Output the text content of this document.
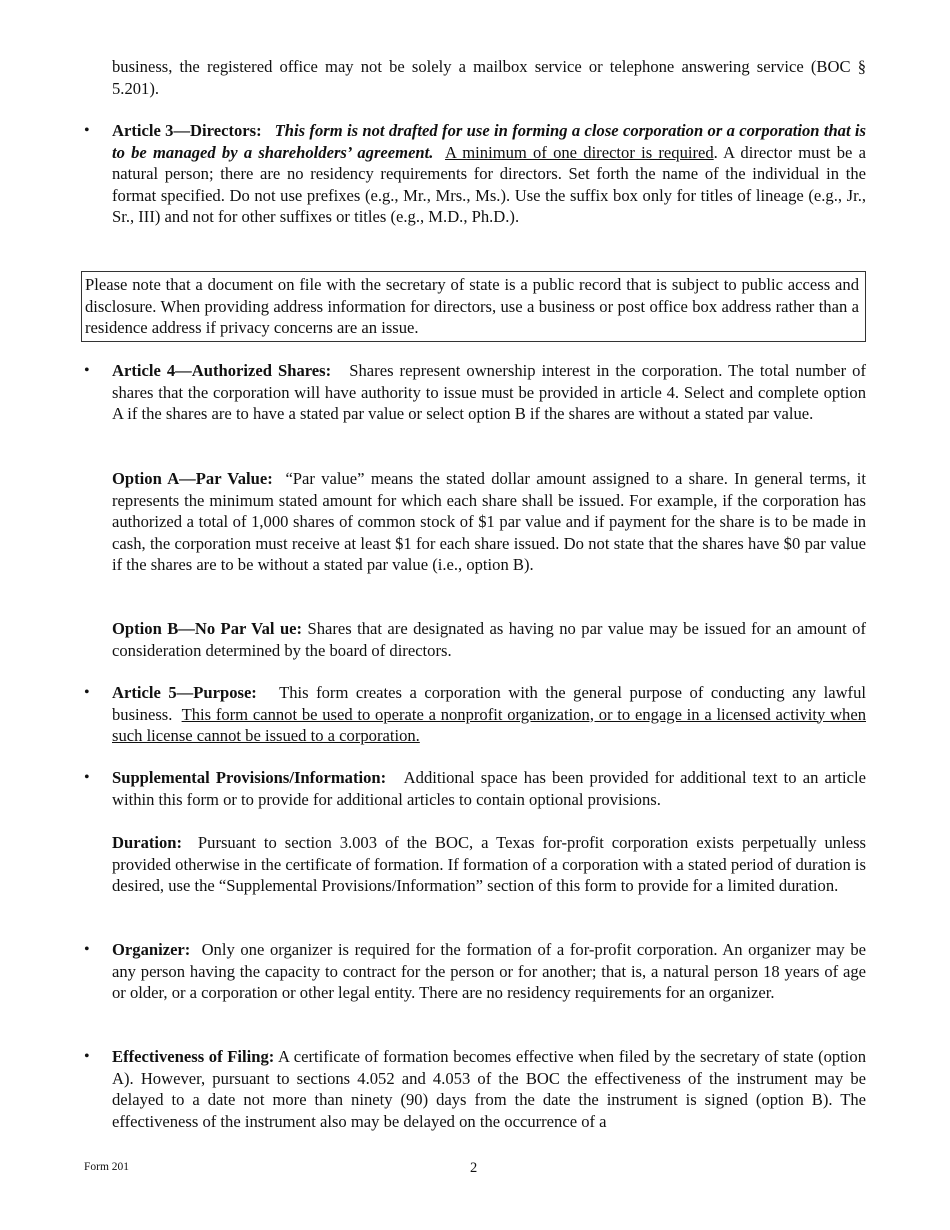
business, the registered office may not be solely a mailbox service or telephone answering service (BOC § 5.201).

• Article 3—Directors: This form is not drafted for use in forming a close corporation or a corporation that is to be managed by a shareholders’ agreement. A minimum of one director is required. A director must be a natural person; there are no residency requirements for directors. Set forth the name of the individual in the format specified. Do not use prefixes (e.g., Mr., Mrs., Ms.). Use the suffix box only for titles of lineage (e.g., Jr., Sr., III) and not for other suffixes or titles (e.g., M.D., Ph.D.).

Please note that a document on file with the secretary of state is a public record that is subject to public access and disclosure. When providing address information for directors, use a business or post office box address rather than a residence address if privacy concerns are an issue.
• Article 4—Authorized Shares: Shares represent ownership interest in the corporation. The total number of shares that the corporation will have authority to issue must be provided in article 4. Select and complete option A if the shares are to have a stated par value or select option B if the shares are without a stated par value.

Option A—Par Value: “Par value” means the stated dollar amount assigned to a share. In general terms, it represents the minimum stated amount for which each share shall be issued. For example, if the corporation has authorized a total of 1,000 shares of common stock of $1 par value and if payment for the share is to be made in cash, the corporation must receive at least $1 for each share issued. Do not state that the shares have $0 par value if the shares are to be without a stated par value (i.e., option B).

Option B—No Par Val ue: Shares that are designated as having no par value may be issued for an amount of consideration determined by the board of directors.

• Article 5—Purpose: This form creates a corporation with the general purpose of conducting any lawful business. This form cannot be used to operate a nonprofit organization, or to engage in a licensed activity when such license cannot be issued to a corporation.

• Supplemental Provisions/Information: Additional space has been provided for additional text to an article within this form or to provide for additional articles to contain optional provisions.

Duration: Pursuant to section 3.003 of the BOC, a Texas for-profit corporation exists perpetually unless provided otherwise in the certificate of formation. If formation of a corporation with a stated period of duration is desired, use the “Supplemental Provisions/Information” section of this form to provide for a limited duration.

• Organizer: Only one organizer is required for the formation of a for-profit corporation. An organizer may be any person having the capacity to contract for the person or for another; that is, a natural person 18 years of age or older, or a corporation or other legal entity. There are no residency requirements for an organizer.

• Effectiveness of Filing: A certificate of formation becomes effective when filed by the secretary of state (option A). However, pursuant to sections 4.052 and 4.053 of the BOC the effectiveness of the instrument may be delayed to a date not more than ninety (90) days from the date the instrument is signed (option B). The effectiveness of the instrument also may be delayed on the occurrence of a

Form 201	2
